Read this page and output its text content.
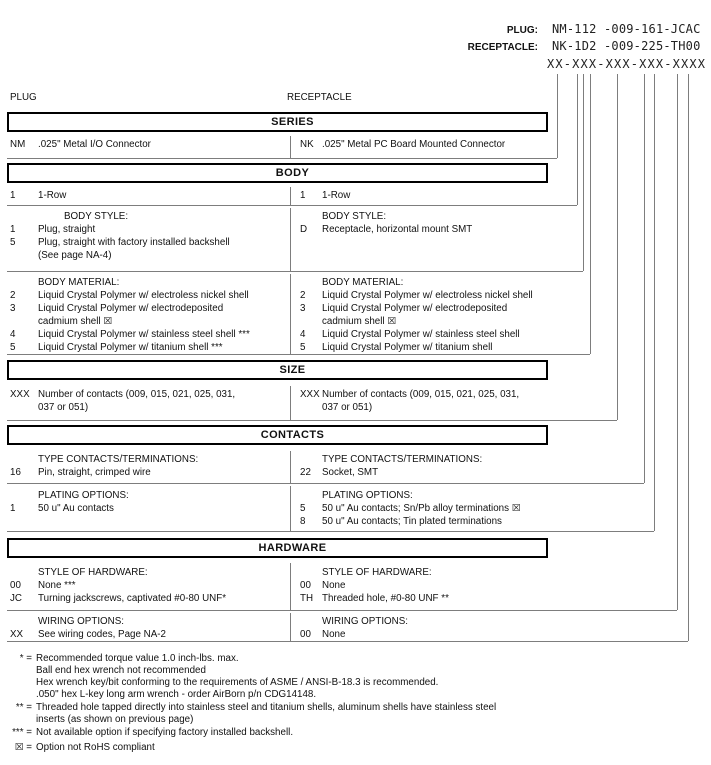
PLUG: NM-112 -009-161-JCAC
RECEPTACLE: NK-1D2 -009-225-TH00
XX-XXX-XXX-XXX-XXXX
PLUG	RECEPTACLE
SERIES
NM .025" Metal I/O Connector	NK .025" Metal PC Board Mounted Connector
BODY
1 1-Row	1 1-Row
BODY STYLE:
1 Plug, straight
5 Plug, straight with factory installed backshell
(See page NA-4)
BODY STYLE:
D Receptacle, horizontal mount SMT
BODY MATERIAL:
2 Liquid Crystal Polymer w/ electroless nickel shell
3 Liquid Crystal Polymer w/ electrodeposited
cadmium shell ☒
4 Liquid Crystal Polymer w/ stainless steel shell ***
5 Liquid Crystal Polymer w/ titanium shell ***
BODY MATERIAL:
2 Liquid Crystal Polymer w/ electroless nickel shell
3 Liquid Crystal Polymer w/ electrodeposited
cadmium shell ☒
4 Liquid Crystal Polymer w/ stainless steel shell
5 Liquid Crystal Polymer w/ titanium shell
SIZE
XXX Number of contacts (009, 015, 021, 025, 031,
037 or 051)
XXX Number of contacts (009, 015, 021, 025, 031,
037 or 051)
CONTACTS
TYPE CONTACTS/TERMINATIONS:
16 Pin, straight, crimped wire
TYPE CONTACTS/TERMINATIONS:
22 Socket, SMT
PLATING OPTIONS:
1 50 u" Au contacts
PLATING OPTIONS:
5 50 u" Au contacts; Sn/Pb alloy terminations ☒
8 50 u" Au contacts; Tin plated terminations
HARDWARE
STYLE OF HARDWARE:
00 None ***
JC Turning jackscrews, captivated #0-80 UNF*
STYLE OF HARDWARE:
00 None
TH Threaded hole, #0-80 UNF **
WIRING OPTIONS:
XX See wiring codes, Page NA-2
WIRING OPTIONS:
00 None
* = Recommended torque value 1.0 inch-lbs. max.
Ball end hex wrench not recommended
Hex wrench key/bit conforming to the requirements of ASME / ANSI-B-18.3 is recommended.
.050" hex L-key long arm wrench - order AirBorn p/n CDG14148.
** = Threaded hole tapped directly into stainless steel and titanium shells, aluminum shells have stainless steel
inserts (as shown on previous page)
*** = Not available option if specifying factory installed backshell.
☒ = Option not RoHS compliant
